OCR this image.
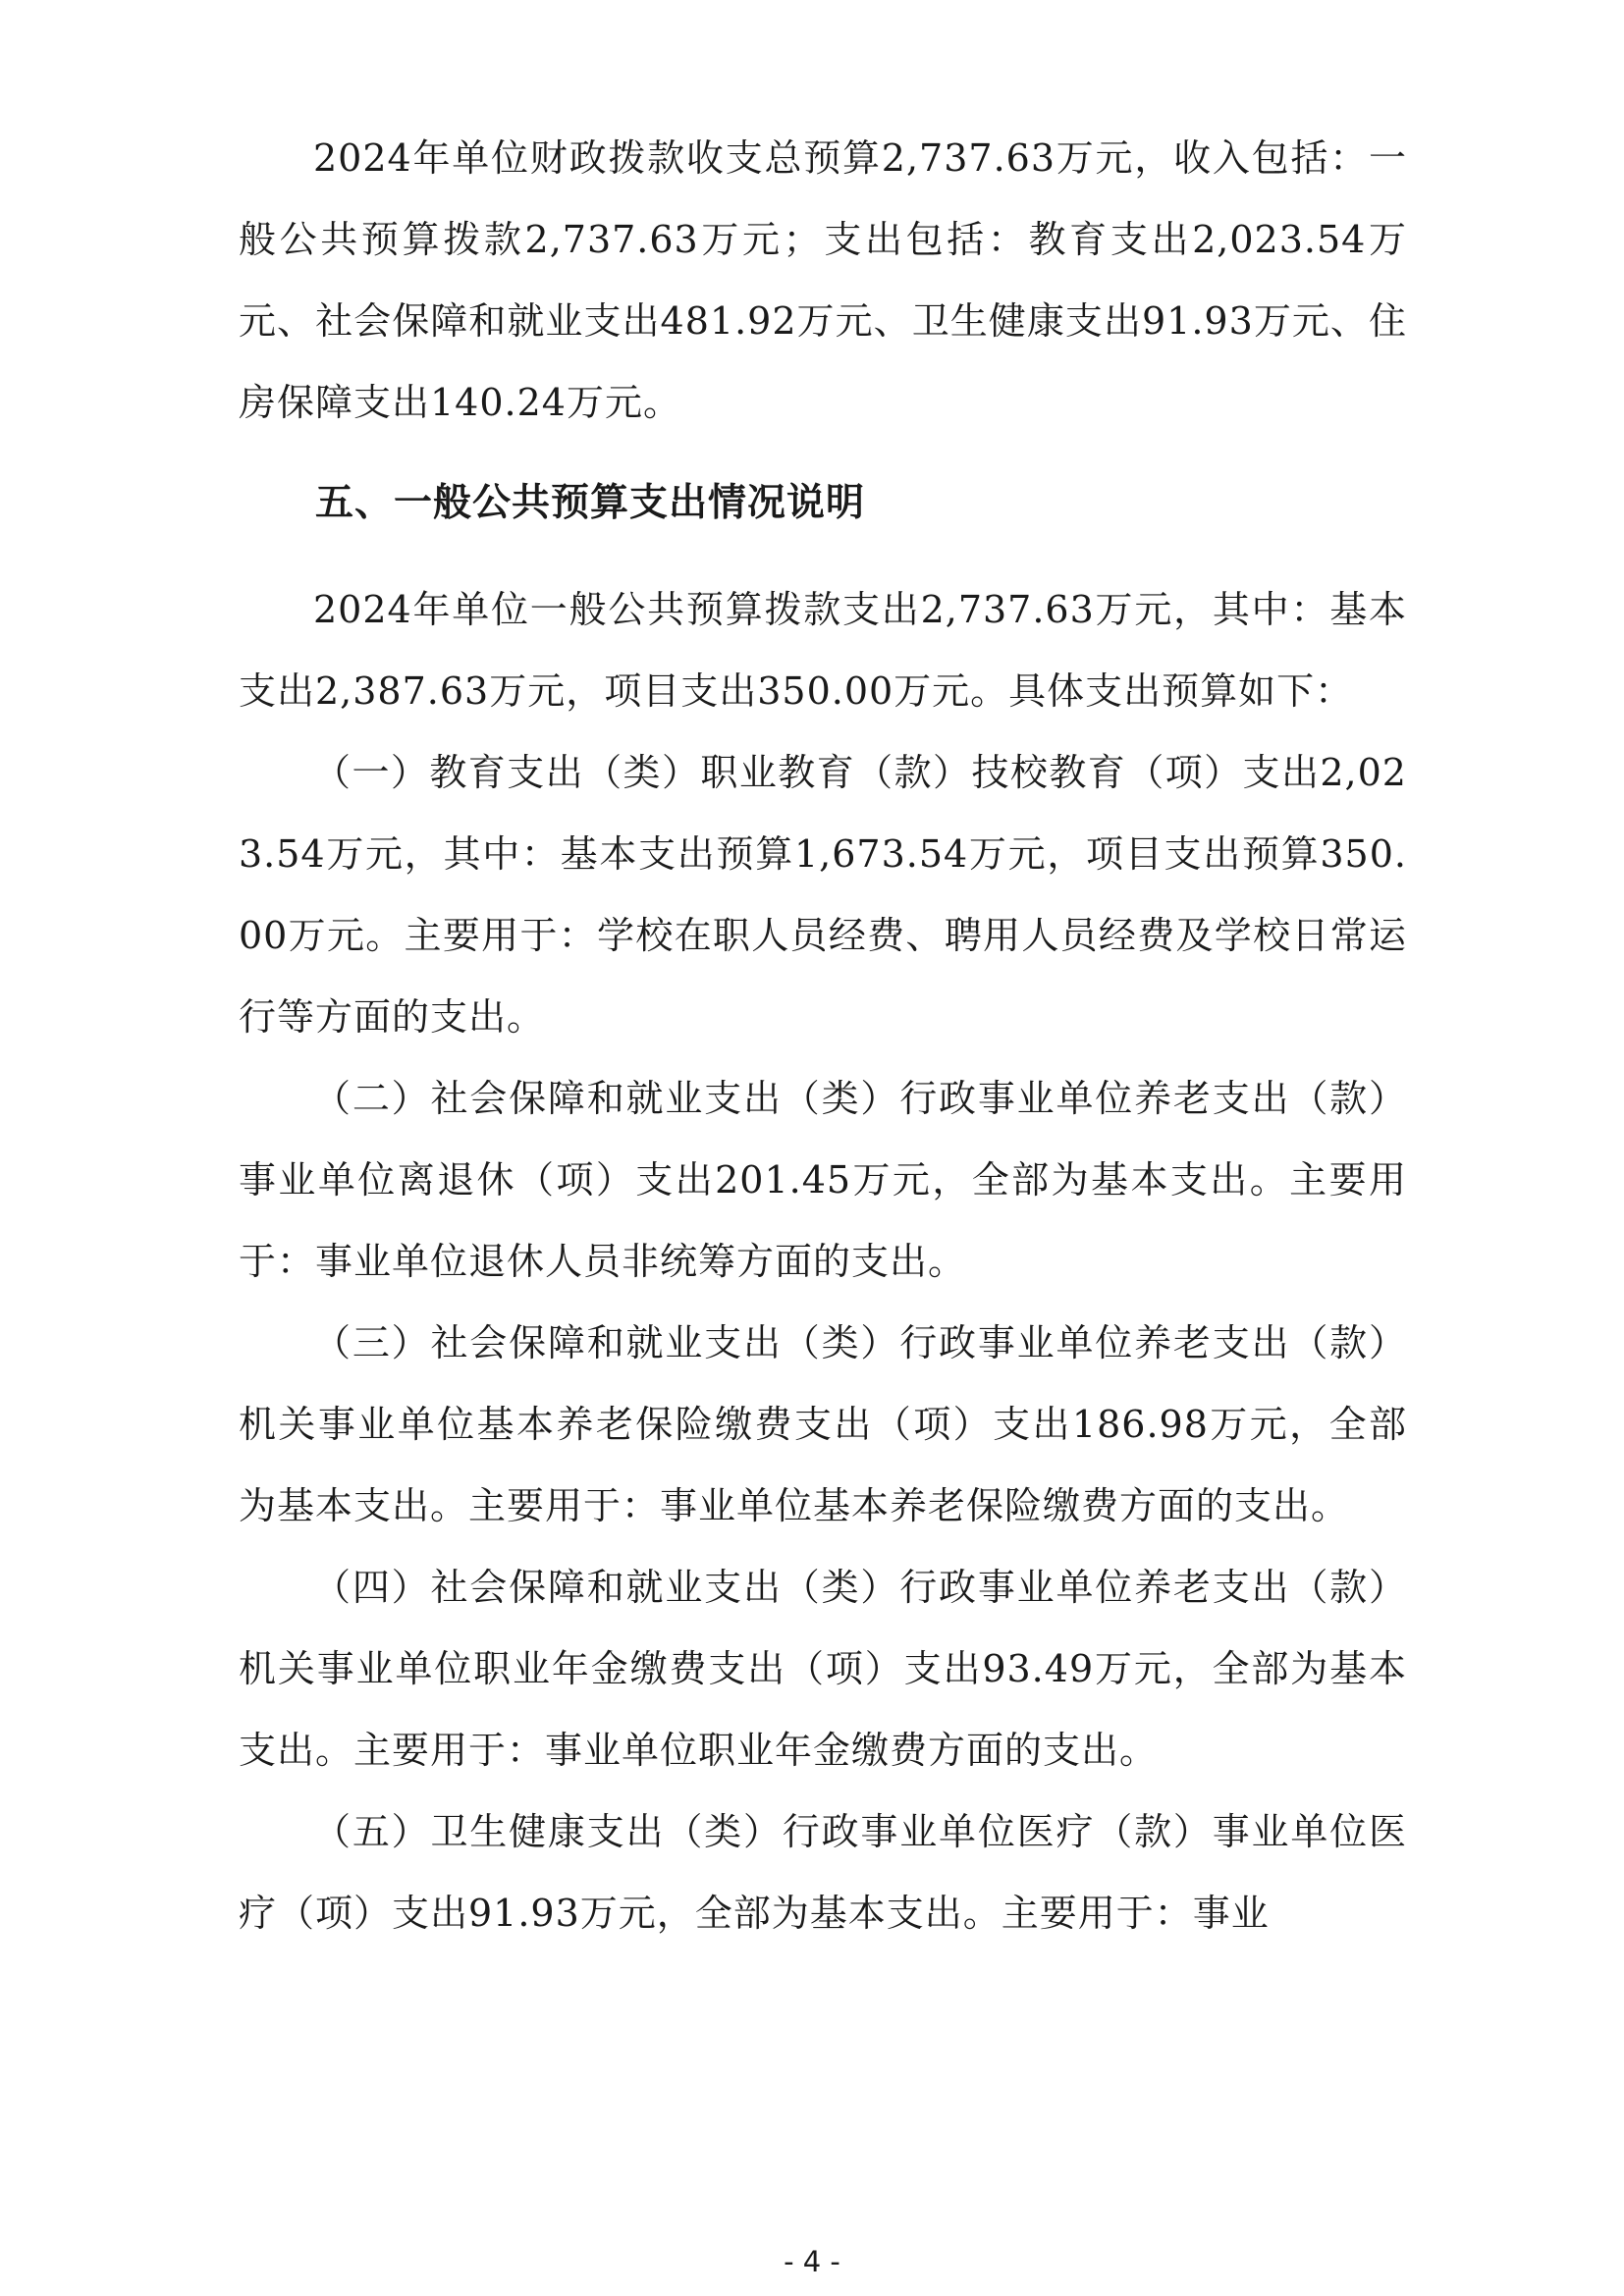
2024年单位财政拨款收支总预算2,737.63万元，收入包括：一般公共预算拨款2,737.63万元；支出包括：教育支出2,023.54万元、社会保障和就业支出481.92万元、卫生健康支出91.93万元、住房保障支出140.24万元。

五、一般公共预算支出情况说明

2024年单位一般公共预算拨款支出2,737.63万元，其中：基本支出2,387.63万元，项目支出350.00万元。具体支出预算如下：

（一）教育支出（类）职业教育（款）技校教育（项）支出2,023.54万元，其中：基本支出预算1,673.54万元，项目支出预算350.00万元。主要用于：学校在职人员经费、聘用人员经费及学校日常运行等方面的支出。

（二）社会保障和就业支出（类）行政事业单位养老支出（款）事业单位离退休（项）支出201.45万元，全部为基本支出。主要用于：事业单位退休人员非统筹方面的支出。

（三）社会保障和就业支出（类）行政事业单位养老支出（款）机关事业单位基本养老保险缴费支出（项）支出186.98万元，全部为基本支出。主要用于：事业单位基本养老保险缴费方面的支出。

（四）社会保障和就业支出（类）行政事业单位养老支出（款）机关事业单位职业年金缴费支出（项）支出93.49万元，全部为基本支出。主要用于：事业单位职业年金缴费方面的支出。

（五）卫生健康支出（类）行政事业单位医疗（款）事业单位医疗（项）支出91.93万元，全部为基本支出。主要用于：事业

- 4 -
